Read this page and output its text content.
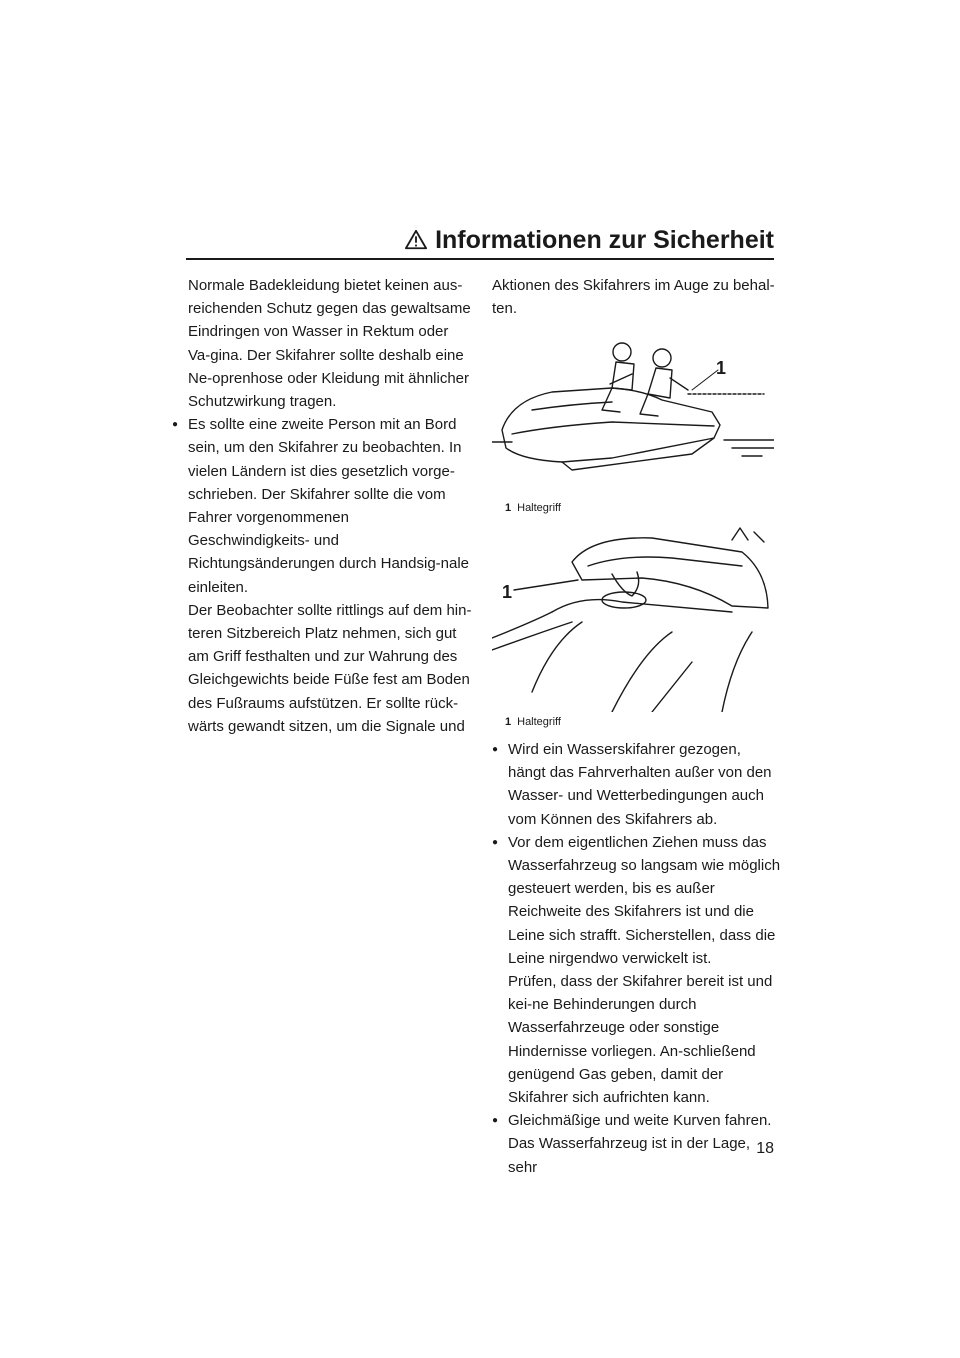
Informationen zur Sicherheit

Normale Badekleidung bietet keinen aus-reichenden Schutz gegen das gewaltsame Eindringen von Wasser in Rektum oder Va-gina. Der Skifahrer sollte deshalb eine Ne-oprenhose oder Kleidung mit ähnlicher Schutzwirkung tragen.

● Es sollte eine zweite Person mit an Bord sein, um den Skifahrer zu beobachten. In vielen Ländern ist dies gesetzlich vorge-schrieben. Der Skifahrer sollte die vom Fahrer vorgenommenen Geschwindigkeits- und Richtungsänderungen durch Handsig-nale einleiten.

Der Beobachter sollte rittlings auf dem hin-teren Sitzbereich Platz nehmen, sich gut am Griff festhalten und zur Wahrung des Gleichgewichts beide Füße fest am Boden des Fußraums aufstützen. Er sollte rück-wärts gewandt sitzen, um die Signale und

Aktionen des Skifahrers im Auge zu behal-ten.

1
1 Haltegriff
1
1 Haltegriff

● Wird ein Wasserskifahrer gezogen, hängt das Fahrverhalten außer von den Wasser- und Wetterbedingungen auch vom Können des Skifahrers ab.

● Vor dem eigentlichen Ziehen muss das Wasserfahrzeug so langsam wie möglich gesteuert werden, bis es außer Reichweite des Skifahrers ist und die Leine sich strafft. Sicherstellen, dass die Leine nirgendwo verwickelt ist.

Prüfen, dass der Skifahrer bereit ist und kei-ne Behinderungen durch Wasserfahrzeuge oder sonstige Hindernisse vorliegen. An-schließend genügend Gas geben, damit der Skifahrer sich aufrichten kann.

● Gleichmäßige und weite Kurven fahren.

Das Wasserfahrzeug ist in der Lage, sehr

18
